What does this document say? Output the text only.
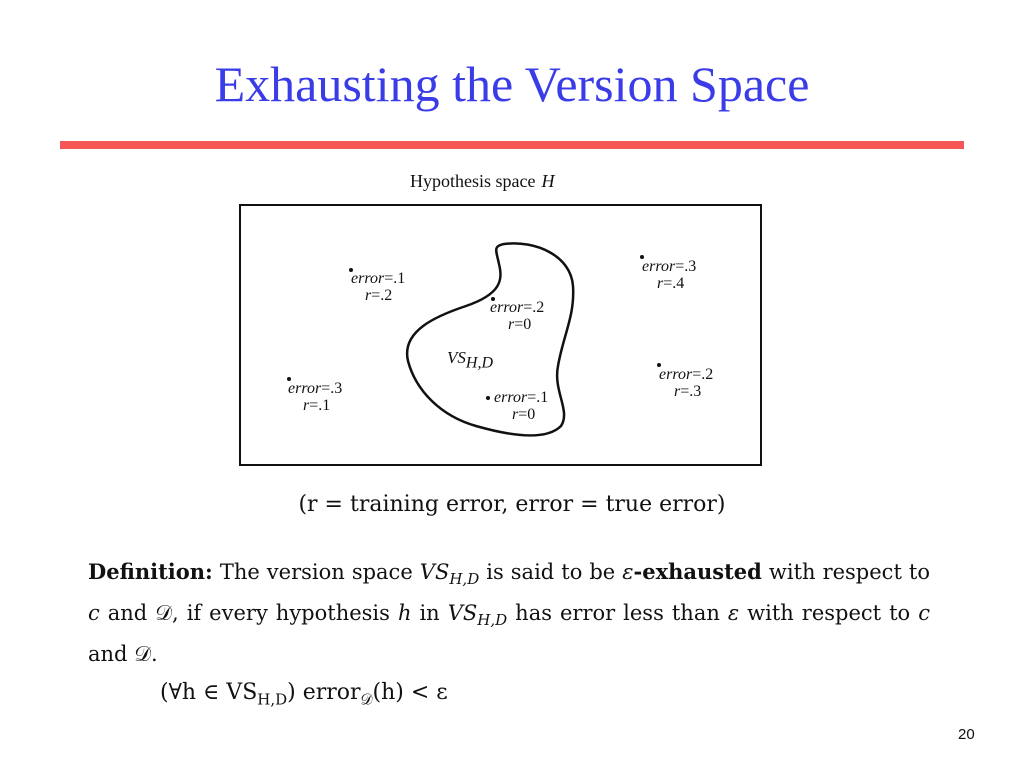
Exhausting the Version Space
Hypothesis space H
error=.1
r=.2
error=.2
r=0
error=.3
r=.4
error=.3
r=.1	error=.1
r=0
error=.2
r=.3
$VS_{H,D}$
(r = training error, error = true error)
Definition: The version space $VS_{H,D}$ is said to be ε-exhausted with respect to c and 𝒟, if every hypothesis h in $VS_{H,D}$ has error less than ε with respect to c and 𝒟.
(∀h ∈ $VS_{H,D}$) error$_𝒟$(h) < ε
20
